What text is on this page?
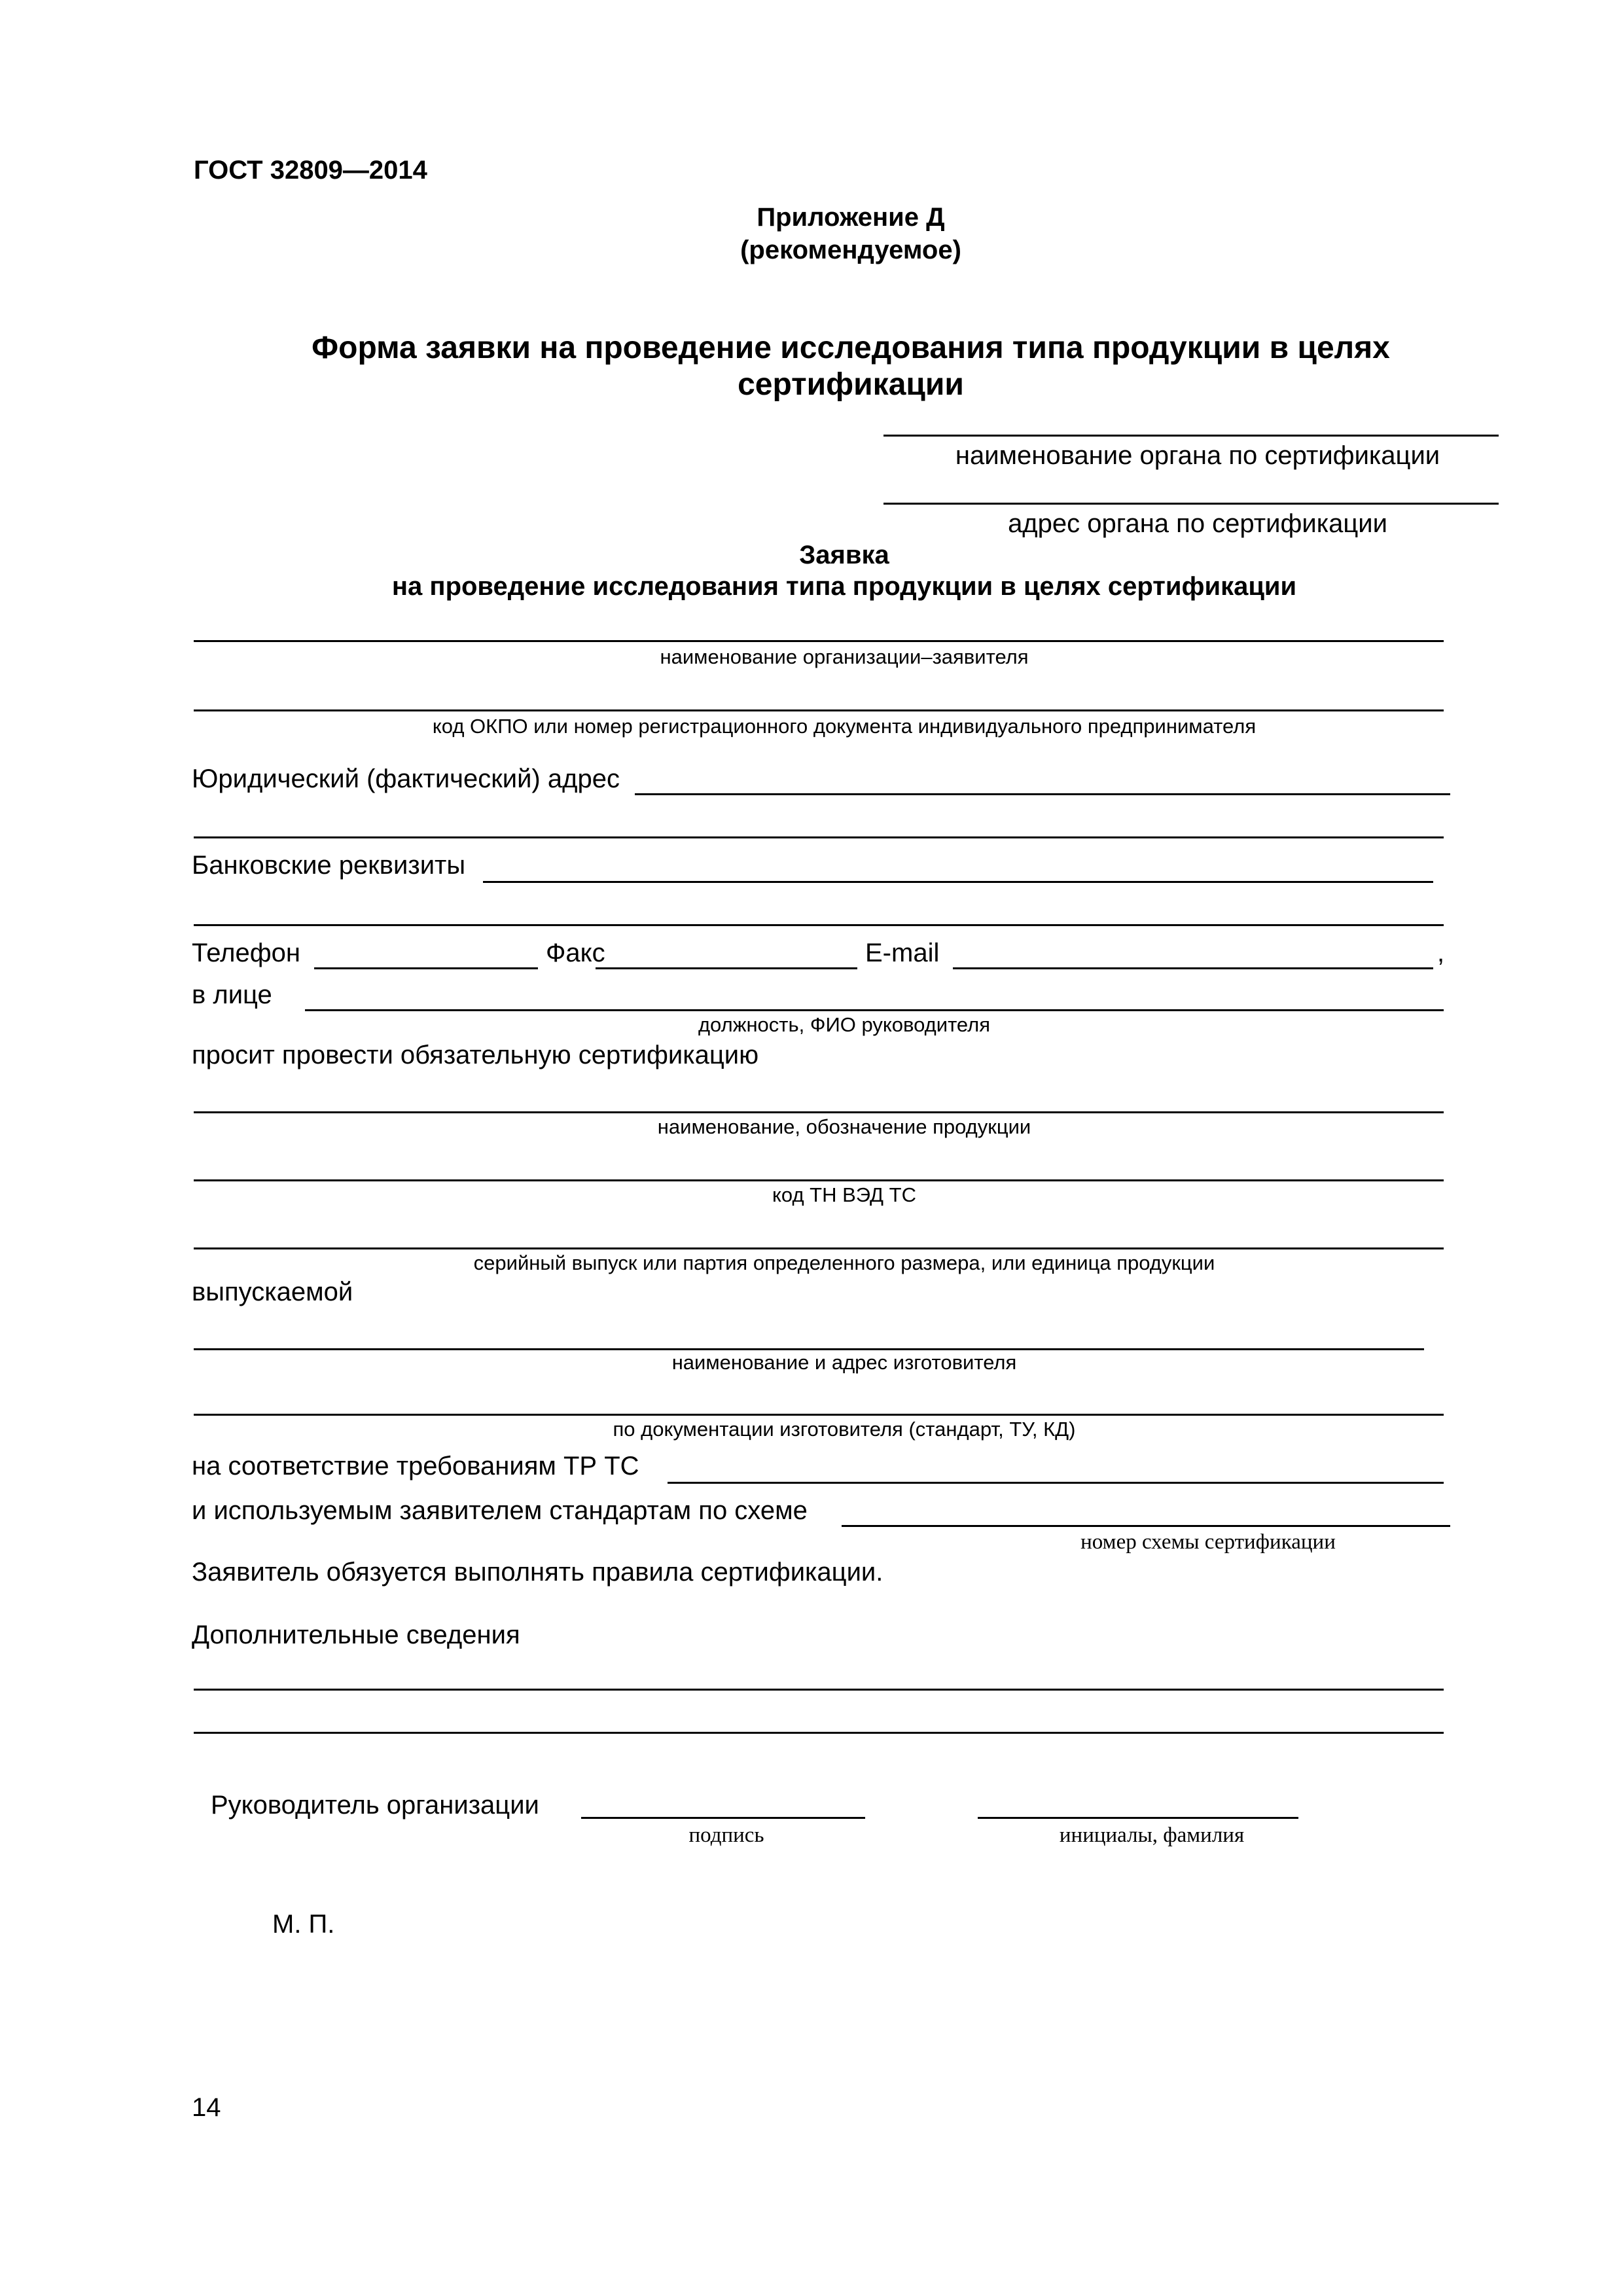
ГОСТ 32809—2014
Приложение Д
(рекомендуемое)
Форма заявки на проведение исследования типа продукции в целях
сертификации
наименование органа по сертификации
адрес органа по сертификации
Заявка
на проведение исследования типа продукции в целях сертификации
наименование организации–заявителя
код ОКПО или номер регистрационного документа индивидуального предпринимателя
Юридический (фактический) адрес
Банковские реквизиты
Телефон	Факс	E-mail	,
в лице
должность, ФИО руководителя
просит провести обязательную сертификацию
наименование, обозначение продукции
код ТН ВЭД ТС
серийный выпуск или партия определенного размера, или единица продукции
выпускаемой
наименование и адрес изготовителя
по документации изготовителя (стандарт, ТУ, КД)
на соответствие требованиям ТР ТС
и используемым заявителем стандартам по схеме
номер схемы сертификации
Заявитель обязуется выполнять правила сертификации.
Дополнительные сведения
Руководитель организации
подпись	инициалы, фамилия
М. П.
14
